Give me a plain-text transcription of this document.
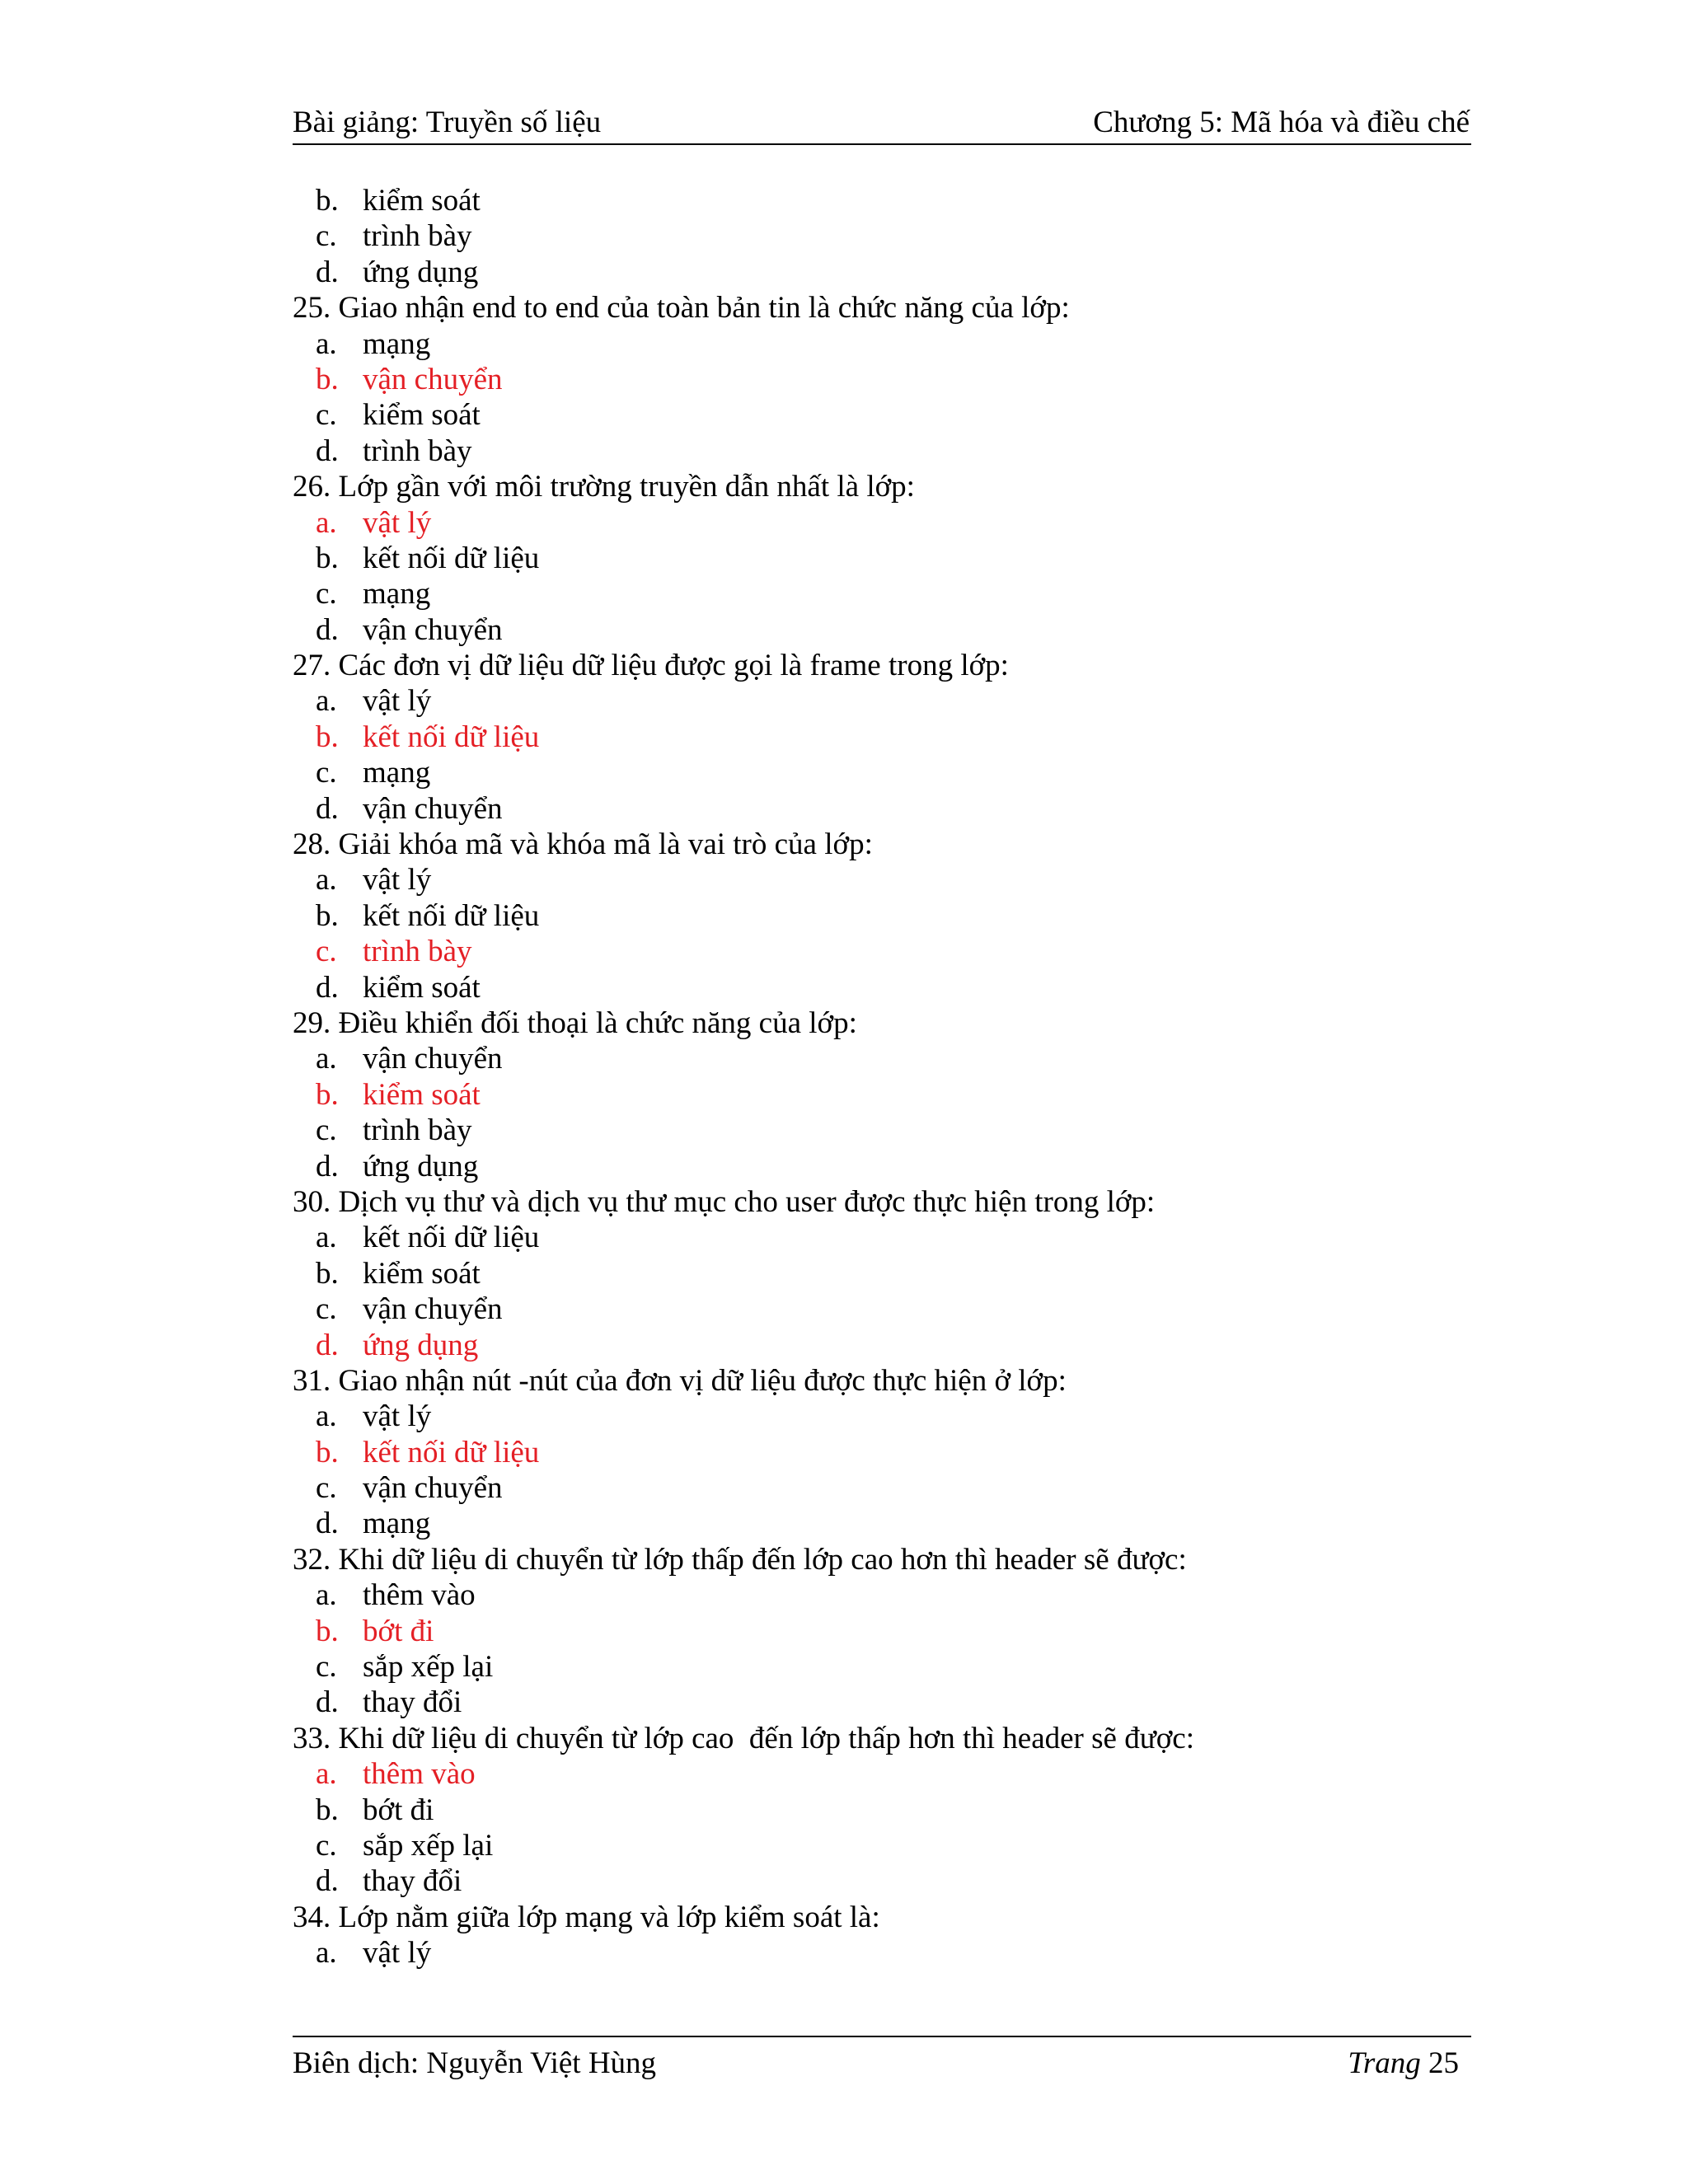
Bài giảng: Truyền số liệu	Chương 5: Mã hóa và điều chế
b. kiểm soát
c. trình bày
d. ứng dụng
25. Giao nhận end to end của toàn bản tin là chức năng của lớp:
a. mạng
b. vận chuyển
c. kiểm soát
d. trình bày
26. Lớp gần với môi trường truyền dẫn nhất là lớp:
a. vật lý
b. kết nối dữ liệu
c. mạng
d. vận chuyển
27. Các đơn vị dữ liệu dữ liệu được gọi là frame trong lớp:
a. vật lý
b. kết nối dữ liệu
c. mạng
d. vận chuyển
28. Giải khóa mã và khóa mã là vai trò của lớp:
a. vật lý
b. kết nối dữ liệu
c. trình bày
d. kiểm soát
29. Điều khiển đối thoại là chức năng của lớp:
a. vận chuyển
b. kiểm soát
c. trình bày
d. ứng dụng
30. Dịch vụ thư và dịch vụ thư mục cho user được thực hiện trong lớp:
a. kết nối dữ liệu
b. kiểm soát
c. vận chuyển
d. ứng dụng
31. Giao nhận nút -nút của đơn vị dữ liệu được thực hiện ở lớp:
a. vật lý
b. kết nối dữ liệu
c. vận chuyển
d. mạng
32. Khi dữ liệu di chuyển từ lớp thấp đến lớp cao hơn thì header sẽ được:
a. thêm vào
b. bớt đi
c. sắp xếp lại
d. thay đổi
33. Khi dữ liệu di chuyển từ lớp cao  đến lớp thấp hơn thì header sẽ được:
a. thêm vào
b. bớt đi
c. sắp xếp lại
d. thay đổi
34. Lớp nằm giữa lớp mạng và lớp kiểm soát là:
a. vật lý
Biên dịch: Nguyễn Việt Hùng	Trang 25
